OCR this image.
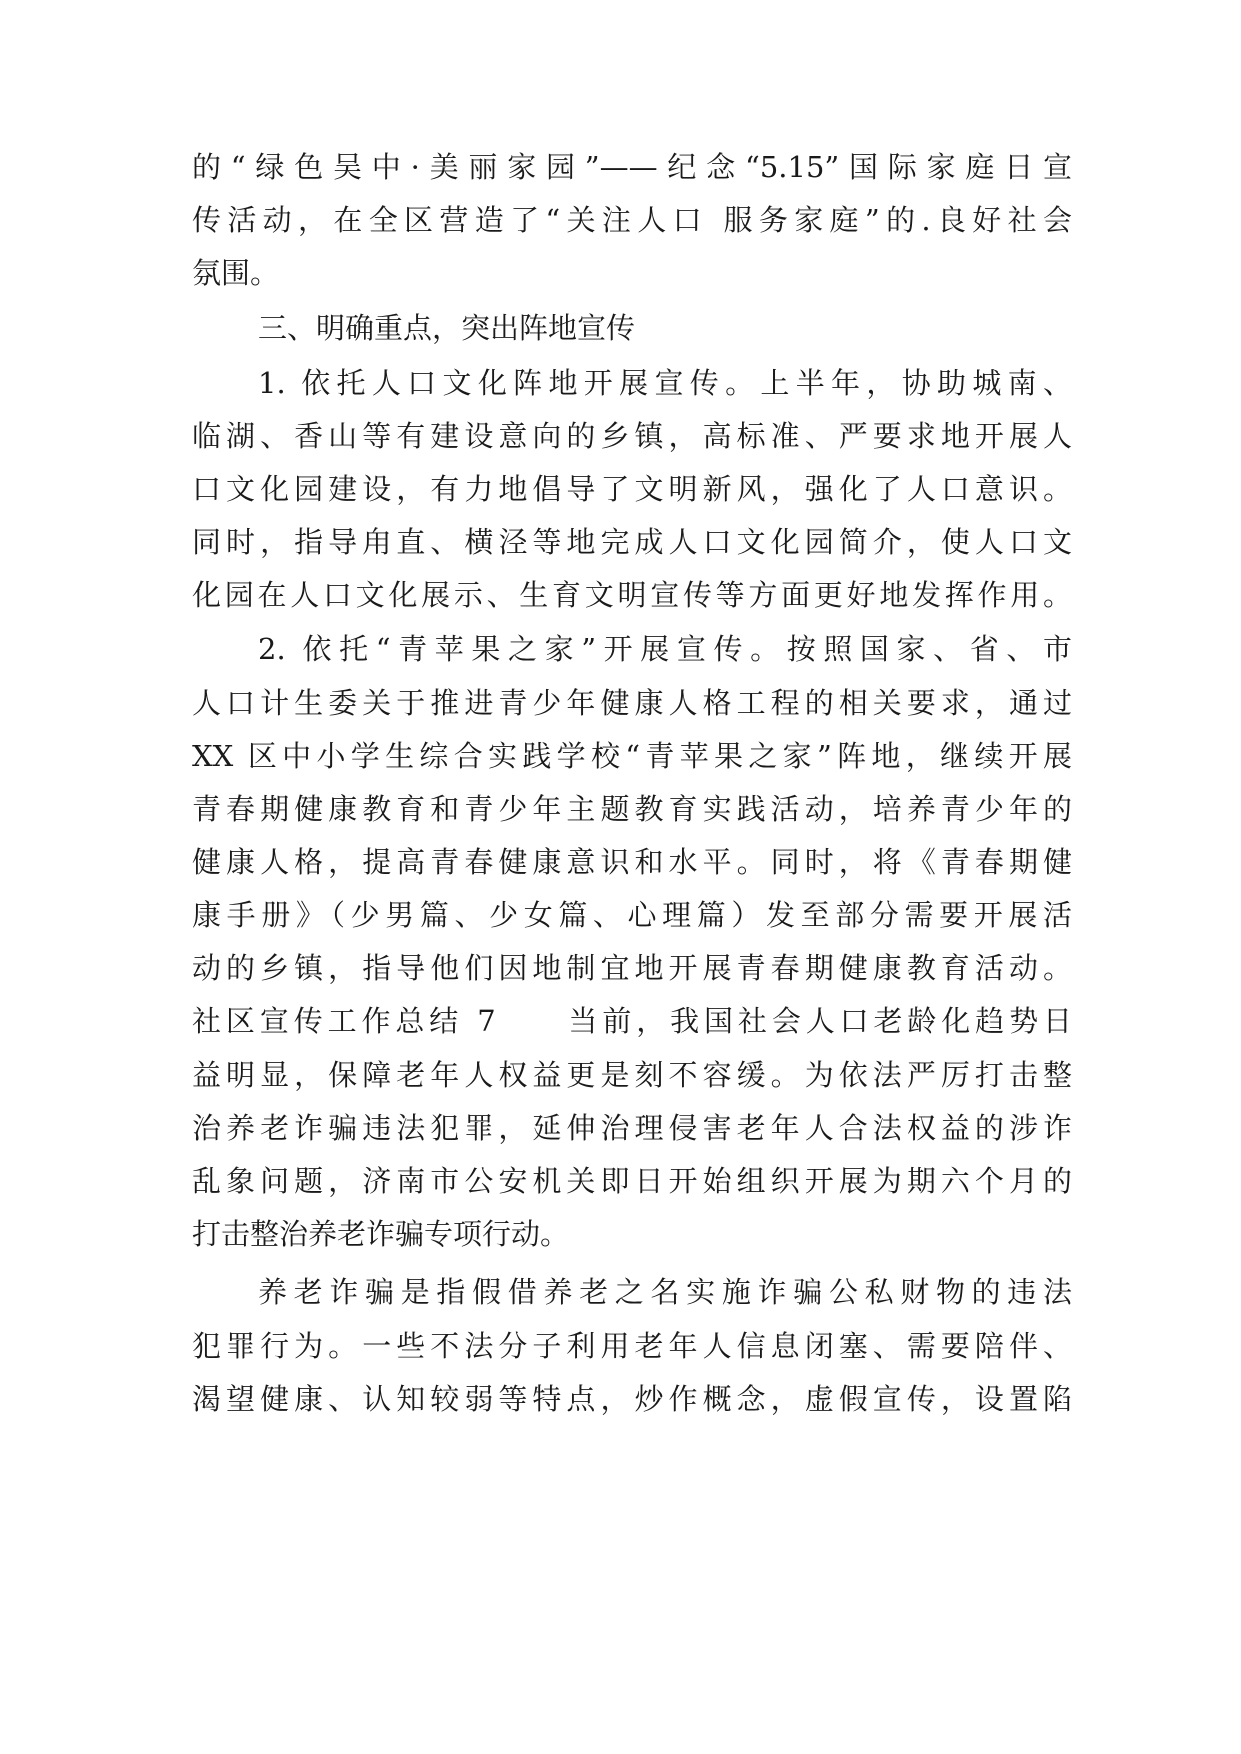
的“绿色吴中·美丽家园”——纪念“5.15”国际家庭日宣
传活动，在全区营造了“关注人口 服务家庭”的.良好社会
氛围。
三、明确重点，突出阵地宣传
1. 依托人口文化阵地开展宣传。上半年，协助城南、
临湖、香山等有建设意向的乡镇，高标准、严要求地开展人
口文化园建设，有力地倡导了文明新风，强化了人口意识。
同时，指导甪直、横泾等地完成人口文化园简介，使人口文
化园在人口文化展示、生育文明宣传等方面更好地发挥作用。
2. 依托“青苹果之家”开展宣传。按照国家、省、市
人口计生委关于推进青少年健康人格工程的相关要求，通过
XX 区中小学生综合实践学校“青苹果之家”阵地，继续开展
青春期健康教育和青少年主题教育实践活动，培养青少年的
健康人格，提高青春健康意识和水平。同时，将《青春期健
康手册》（少男篇、少女篇、心理篇）发至部分需要开展活
动的乡镇，指导他们因地制宜地开展青春期健康教育活动。
社区宣传工作总结 7　　当前，我国社会人口老龄化趋势日
益明显，保障老年人权益更是刻不容缓。为依法严厉打击整
治养老诈骗违法犯罪，延伸治理侵害老年人合法权益的涉诈
乱象问题，济南市公安机关即日开始组织开展为期六个月的
打击整治养老诈骗专项行动。
养老诈骗是指假借养老之名实施诈骗公私财物的违法
犯罪行为。一些不法分子利用老年人信息闭塞、需要陪伴、
渴望健康、认知较弱等特点，炒作概念，虚假宣传，设置陷
